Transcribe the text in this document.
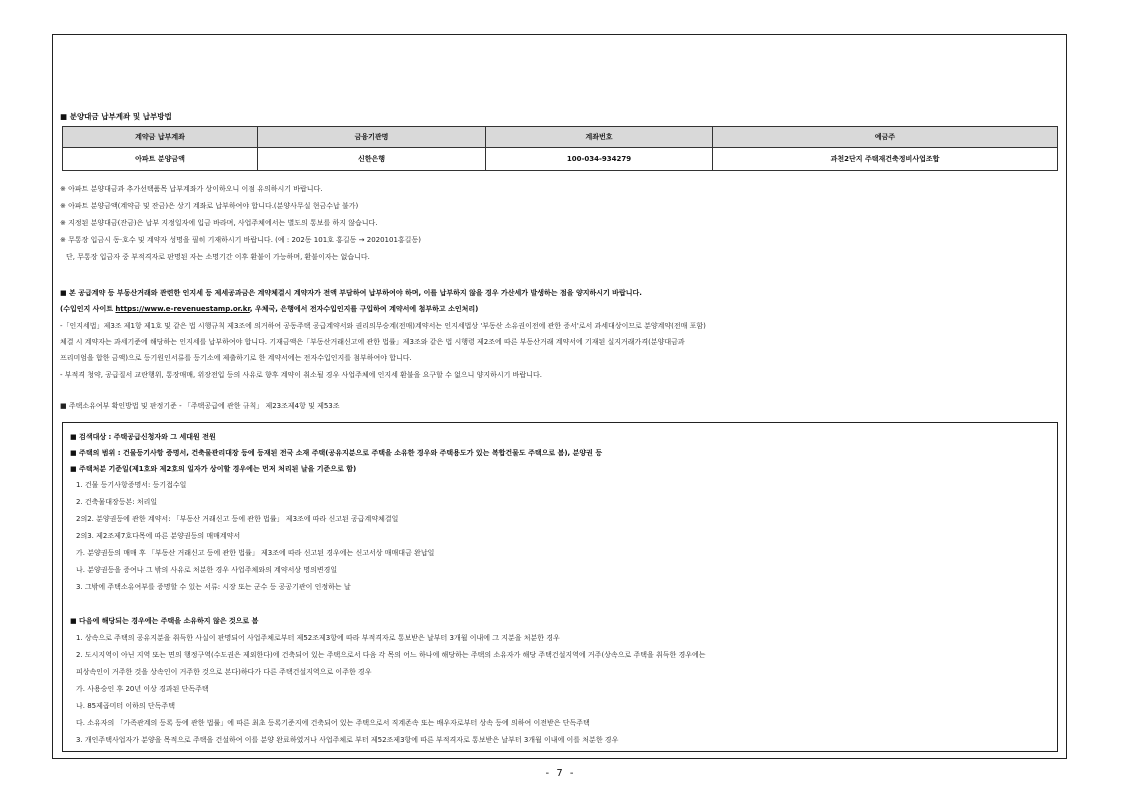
■ 분양대금 납부계좌 및 납부방법
계약금 납부계좌	금융기관명	계좌번호	예금주
아파트 분양금액	신한은행	100-034-934279	과천2단지 주택재건축정비사업조합
※ 아파트 분양대금과 추가선택품목 납부계좌가 상이하오니 이점 유의하시기 바랍니다.
※ 아파트 분양금액(계약금 및 잔금)은 상기 계좌로 납부하여야 합니다.(분양사무실 현금수납 불가)
※ 지정된 분양대금(잔금)은 납부 지정일자에 입금 바라며, 사업주체에서는 별도의 통보를 하지 않습니다.
※ 무통장 입금시 동·호수 및 계약자 성명을 필히 기재하시기 바랍니다. (예 : 202동 101호 홍길동 → 2020101홍길동)
단, 무통장 입금자 중 부적격자로 판명된 자는 소명기간 이후 환불이 가능하며, 환불이자는 없습니다.
■ 본 공급계약 등 부동산거래와 관련한 인지세 등 제세공과금은 계약체결시 계약자가 전액 부담하여 납부하여야 하며, 이를 납부하지 않을 경우 가산세가 발생하는 점을 양지하시기 바랍니다.
(수입인지 사이트 https://www.e-revenuestamp.or.kr, 우체국, 은행에서 전자수입인지를 구입하여 계약서에 첨부하고 소인처리)
-「인지세법」제3조 제1항 제1호 및 같은 법 시행규칙 제3조에 의거하여 공동주택 공급계약서와 권리의무승계(전매)계약서는 인지세법상 '부동산 소유권이전에 관한 증서'로서 과세대상이므로 분양계약(전매 포함)
체결 시 계약자는 과세기준에 해당하는 인지세를 납부하여야 합니다. 기재금액은「부동산거래신고에 관한 법률」제3조와 같은 법 시행령 제2조에 따른 부동산거래 계약서에 기재된 실지거래가격(분양대금과
프리미엄을 합한 금액)으로 등기원인서류를 등기소에 제출하기로 한 계약서에는 전자수입인지를 첨부하여야 합니다.
- 부적격 청약, 공급질서 교란행위, 통장매매, 위장전입 등의 사유로 향후 계약이 취소될 경우 사업주체에 인지세 환불을 요구할 수 없으니 양지하시기 바랍니다.
■ 주택소유여부 확인방법 및 판정기준 - 「주택공급에 관한 규칙」 제23조제4항 및 제53조
■ 검색대상 : 주택공급신청자와 그 세대원 전원
■ 주택의 범위 : 건물등기사항 증명서, 건축물관리대장 등에 등재된 전국 소재 주택(공유지분으로 주택을 소유한 경우와 주택용도가 있는 복합건물도 주택으로 봄), 분양권 등
■ 주택처분 기준일(제1호와 제2호의 일자가 상이할 경우에는 먼저 처리된 날을 기준으로 함)
1. 건물 등기사항증명서: 등기접수일
2. 건축물대장등본: 처리일
2의2. 분양권등에 관한 계약서: 「부동산 거래신고 등에 관한 법률」 제3조에 따라 신고된 공급계약체결일
2의3. 제2조제7호다목에 따른 분양권등의 매매계약서
가. 분양권등의 매매 후 「부동산 거래신고 등에 관한 법률」 제3조에 따라 신고된 경우에는 신고서상 매매대금 완납일
나. 분양권등을 증여나 그 밖의 사유로 처분한 경우 사업주체와의 계약서상 명의변경일
3. 그밖에 주택소유여부를 증명할 수 있는 서류: 시장 또는 군수 등 공공기관이 인정하는 날
■ 다음에 해당되는 경우에는 주택을 소유하지 않은 것으로 봄
1. 상속으로 주택의 공유지분을 취득한 사실이 판명되어 사업주체로부터 제52조제3항에 따라 부적격자로 통보받은 날부터 3개월 이내에 그 지분을 처분한 경우
2. 도시지역이 아닌 지역 또는 면의 행정구역(수도권은 제외한다)에 건축되어 있는 주택으로서 다음 각 목의 어느 하나에 해당하는 주택의 소유자가 해당 주택건설지역에 거주(상속으로 주택을 취득한 경우에는
피상속인이 거주한 것을 상속인이 거주한 것으로 본다)하다가 다른 주택건설지역으로 이주한 경우
가. 사용승인 후 20년 이상 경과된 단독주택
나. 85제곱미터 이하의 단독주택
다. 소유자의 「가족관계의 등록 등에 관한 법률」에 따른 최초 등록기준지에 건축되어 있는 주택으로서 직계존속 또는 배우자로부터 상속 등에 의하여 이전받은 단독주택
3. 개인주택사업자가 분양을 목적으로 주택을 건설하여 이를 분양 완료하였거나 사업주체로 부터 제52조제3항에 따른 부적격자로 통보받은 날부터 3개월 이내에 이를 처분한 경우
- 7 -
